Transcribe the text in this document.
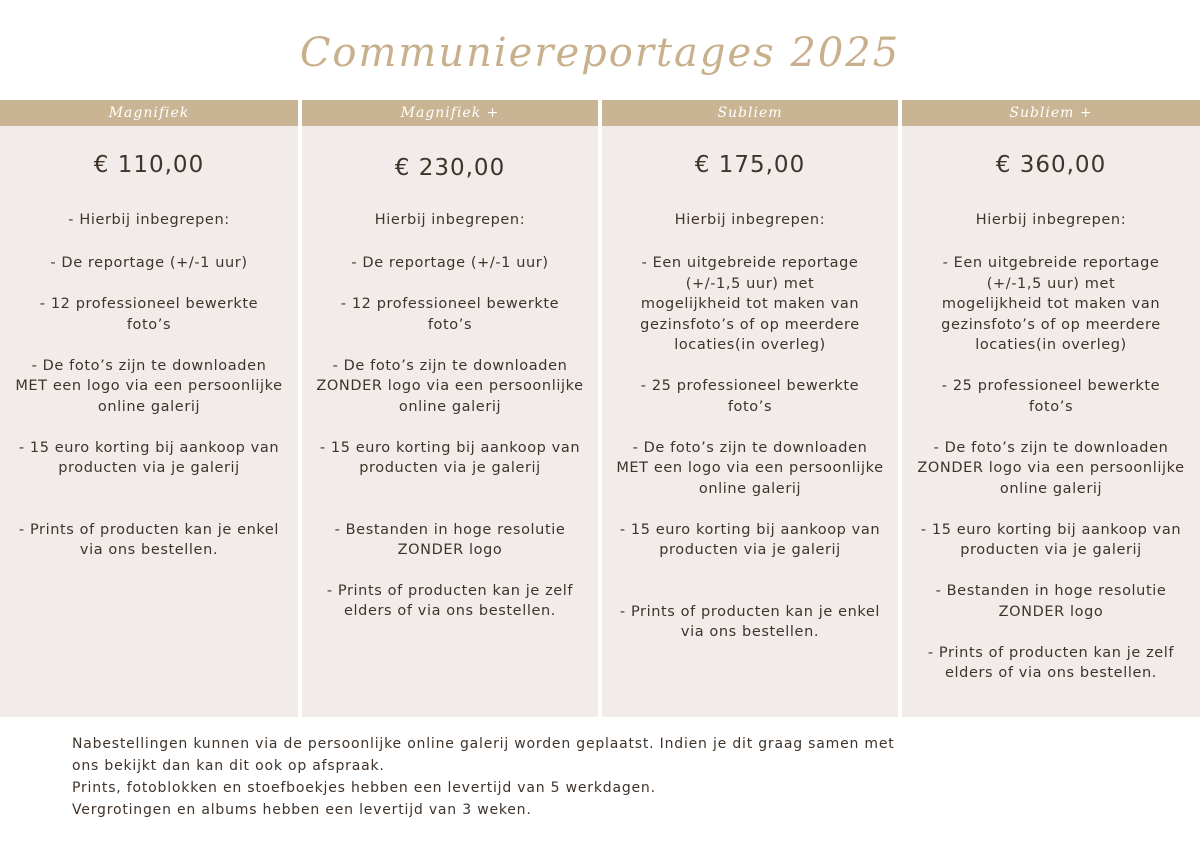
Communiereportages 2025
Magnifiek
€ 110,00
- Hierbij inbegrepen:
- De reportage (+/-1 uur)
- 12 professioneel bewerkte
foto’s
- De foto’s zijn te downloaden
MET een logo via een persoonlijke
online galerij
- 15 euro korting bij aankoop van
producten via je galerij
- Prints of producten kan je enkel
via ons bestellen.
Magnifiek +
€ 230,00
Hierbij inbegrepen:
- De reportage (+/-1 uur)
- 12 professioneel bewerkte
foto’s
- De foto’s zijn te downloaden
ZONDER logo via een persoonlijke
online galerij
- 15 euro korting bij aankoop van
producten via je galerij
- Bestanden in hoge resolutie
ZONDER logo
- Prints of producten kan je zelf
elders of via ons bestellen.
Subliem
€ 175,00
Hierbij inbegrepen:
- Een uitgebreide reportage
(+/-1,5 uur) met
mogelijkheid tot maken van
gezinsfoto’s of op meerdere
locaties(in overleg)
- 25 professioneel bewerkte
foto’s
- De foto’s zijn te downloaden
MET een logo via een persoonlijke
online galerij
- 15 euro korting bij aankoop van
producten via je galerij
- Prints of producten kan je enkel
via ons bestellen.
Subliem +
€ 360,00
Hierbij inbegrepen:
- Een uitgebreide reportage
(+/-1,5 uur) met
mogelijkheid tot maken van
gezinsfoto’s of op meerdere
locaties(in overleg)
- 25 professioneel bewerkte
foto’s
- De foto’s zijn te downloaden
ZONDER logo via een persoonlijke
online galerij
- 15 euro korting bij aankoop van
producten via je galerij
- Bestanden in hoge resolutie
ZONDER logo
- Prints of producten kan je zelf
elders of via ons bestellen.
Nabestellingen kunnen via de persoonlijke online galerij worden geplaatst. Indien je dit graag samen met
ons bekijkt dan kan dit ook op afspraak.
Prints, fotoblokken en stoefboekjes hebben een levertijd van 5 werkdagen.
Vergrotingen en albums hebben een levertijd van 3 weken.
